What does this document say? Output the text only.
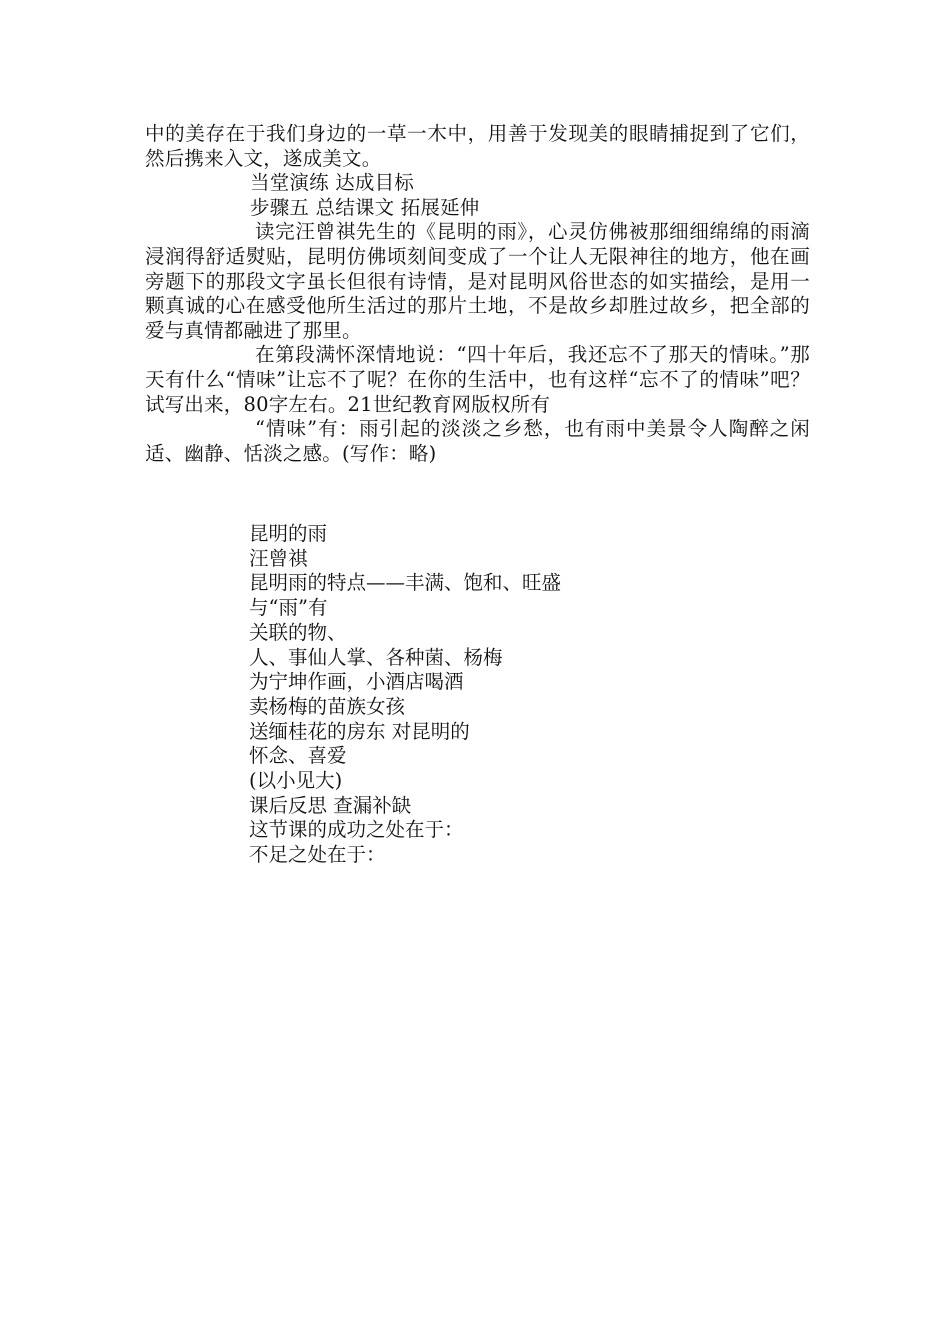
中的美存在于我们身边的一草一木中，用善于发现美的眼睛捕捉到了它们，然后携来入文，遂成美文。

当堂演练 达成目标

步骤五 总结课文 拓展延伸

读完汪曾祺先生的《昆明的雨》，心灵仿佛被那细细绵绵的雨滴浸润得舒适熨贴，昆明仿佛顷刻间变成了一个让人无限神往的地方，他在画旁题下的那段文字虽长但很有诗情，是对昆明风俗世态的如实描绘，是用一颗真诚的心在感受他所生活过的那片土地，不是故乡却胜过故乡，把全部的爱与真情都融进了那里。

在第段满怀深情地说：“四十年后，我还忘不了那天的情味。”那天有什么“情味”让忘不了呢？在你的生活中，也有这样“忘不了的情味”吧？试写出来，80字左右。21世纪教育网版权所有

“情味”有：雨引起的淡淡之乡愁，也有雨中美景令人陶醉之闲适、幽静、恬淡之感。(写作：略)

昆明的雨

汪曾祺

昆明雨的特点——丰满、饱和、旺盛

与“雨”有

关联的物、

人、事仙人掌、各种菌、杨梅

为宁坤作画，小酒店喝酒

卖杨梅的苗族女孩

送缅桂花的房东 对昆明的

怀念、喜爱

(以小见大)

课后反思 查漏补缺

这节课的成功之处在于：

不足之处在于：
